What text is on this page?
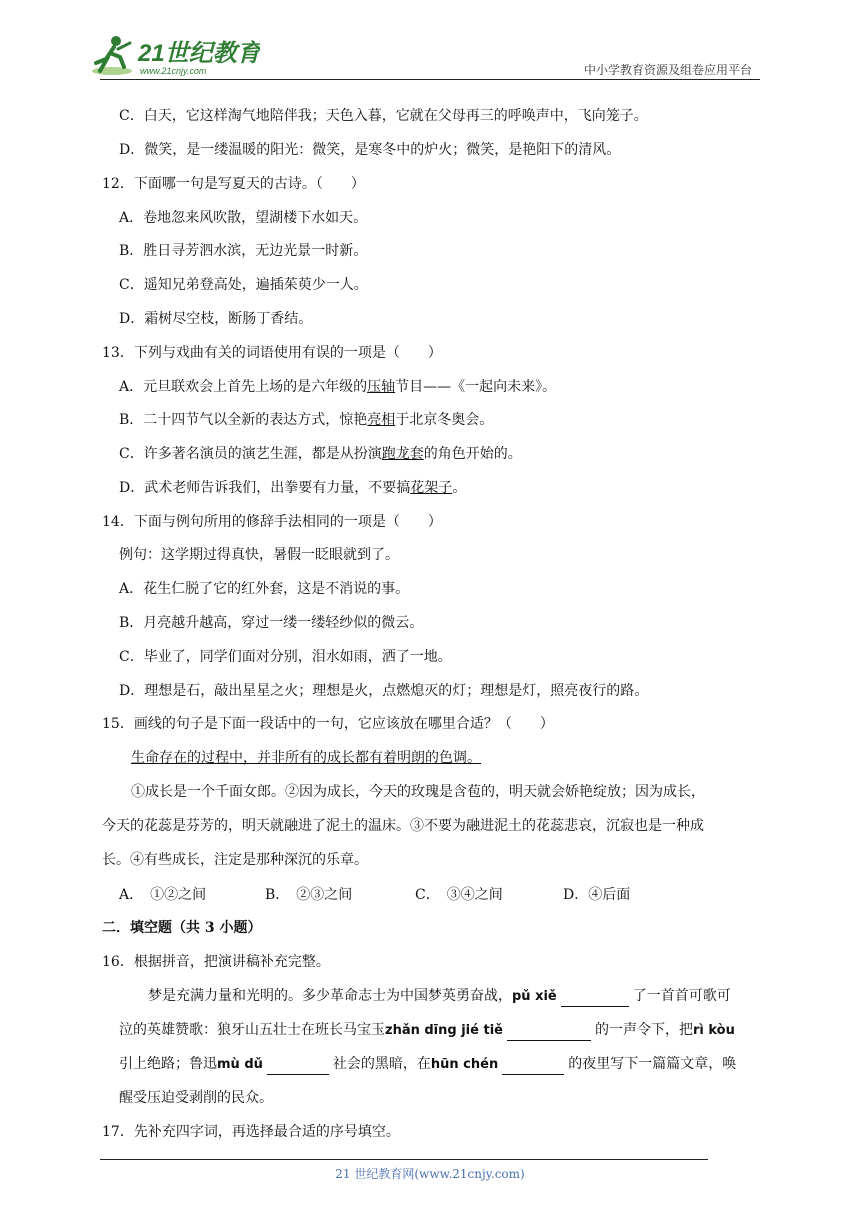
21世纪教育
www.21cnjy.com	中小学教育资源及组卷应用平台
C．白天，它这样淘气地陪伴我；天色入暮，它就在父母再三的呼唤声中，飞向笼子。
D．微笑，是一缕温暖的阳光：微笑，是寒冬中的炉火；微笑，是艳阳下的清风。
12．下面哪一句是写夏天的古诗。（　　）
A．卷地忽来风吹散，望湖楼下水如天。
B．胜日寻芳泗水滨，无边光景一时新。
C．遥知兄弟登高处，遍插茱萸少一人。
D．霜树尽空枝，断肠丁香结。
13．下列与戏曲有关的词语使用有误的一项是（　　）
A．元旦联欢会上首先上场的是六年级的压轴节目——《一起向未来》。
B．二十四节气以全新的表达方式，惊艳亮相于北京冬奥会。
C．许多著名演员的演艺生涯，都是从扮演跑龙套的角色开始的。
D．武术老师告诉我们，出拳要有力量，不要搞花架子。
14．下面与例句所用的修辞手法相同的一项是（　　）
例句：这学期过得真快，暑假一眨眼就到了。
A．花生仁脱了它的红外套，这是不消说的事。
B．月亮越升越高，穿过一缕一缕轻纱似的微云。
C．毕业了，同学们面对分别，泪水如雨，洒了一地。
D．理想是石，敲出星星之火；理想是火，点燃熄灭的灯；理想是灯，照亮夜行的路。
15．画线的句子是下面一段话中的一句，它应该放在哪里合适？（　　）
生命存在的过程中，并非所有的成长都有着明朗的色调。
①成长是一个千面女郎。②因为成长，今天的玫瑰是含苞的，明天就会娇艳绽放；因为成长，
今天的花蕊是芬芳的，明天就融进了泥土的温床。③不要为融进泥土的花蕊悲哀，沉寂也是一种成
长。④有些成长，注定是那种深沉的乐章。
A．　①②之间	B．　②③之间	C．　③④之间	D．④后面
二．填空题（共 3 小题）
16．根据拼音，把演讲稿补充完整。
梦是充满力量和光明的。多少革命志士为中国梦英勇奋战，pǔ xiě	了一首首可歌可
泣的英雄赞歌：狼牙山五壮士在班长马宝玉zhǎn dīng jié tiě	的一声令下，把rì kòu
引上绝路；鲁迅mù dǔ	社会的黑暗，在hūn chén	的夜里写下一篇篇文章，唤
醒受压迫受剥削的民众。
17．先补充四字词，再选择最合适的序号填空。
21 世纪教育网(www.21cnjy.com)
